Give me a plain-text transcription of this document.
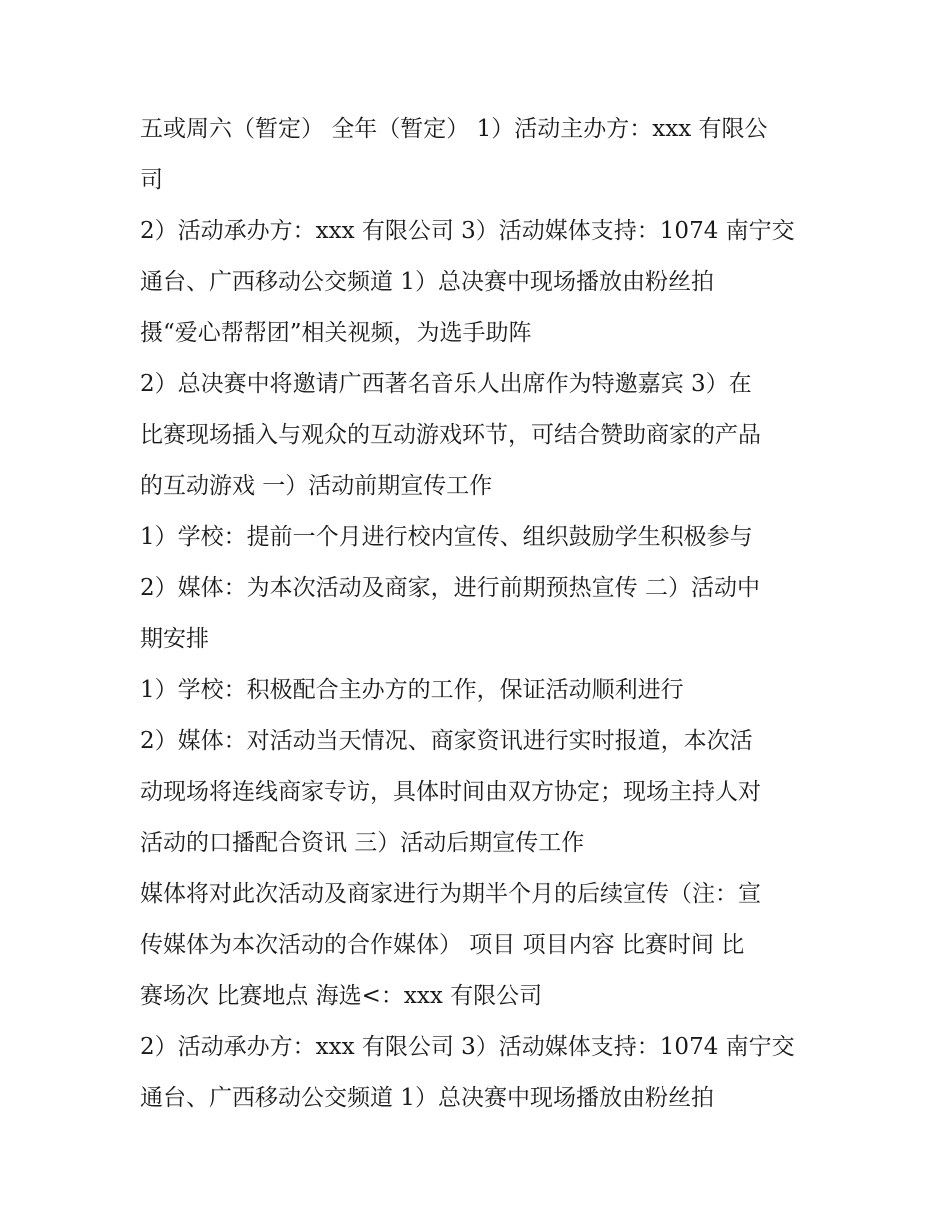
五或周六（暂定） 全年（暂定） 1）活动主办方：xxx 有限公
司
2）活动承办方：xxx 有限公司 3）活动媒体支持：1074 南宁交
通台、广西移动公交频道 1）总决赛中现场播放由粉丝拍
摄“爱心帮帮团”相关视频，为选手助阵
2）总决赛中将邀请广西著名音乐人出席作为特邀嘉宾 3）在
比赛现场插入与观众的互动游戏环节，可结合赞助商家的产品
的互动游戏 一）活动前期宣传工作
1）学校：提前一个月进行校内宣传、组织鼓励学生积极参与
2）媒体：为本次活动及商家，进行前期预热宣传 二）活动中
期安排
1）学校：积极配合主办方的工作，保证活动顺利进行
2）媒体：对活动当天情况、商家资讯进行实时报道，本次活
动现场将连线商家专访，具体时间由双方协定；现场主持人对
活动的口播配合资讯 三）活动后期宣传工作
媒体将对此次活动及商家进行为期半个月的后续宣传（注：宣
传媒体为本次活动的合作媒体） 项目 项目内容 比赛时间 比
赛场次 比赛地点 海选<：xxx 有限公司
2）活动承办方：xxx 有限公司 3）活动媒体支持：1074 南宁交
通台、广西移动公交频道 1）总决赛中现场播放由粉丝拍
